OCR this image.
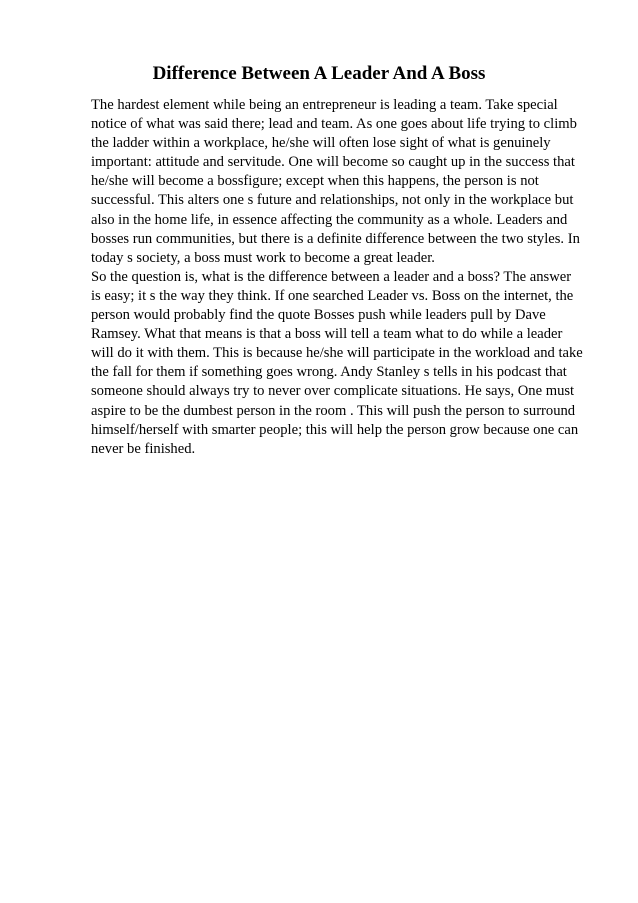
Difference Between A Leader And A Boss
The hardest element while being an entrepreneur is leading a team. Take special
notice of what was said there; lead and team. As one goes about life trying to climb
the ladder within a workplace, he/she will often lose sight of what is genuinely
important: attitude and servitude. One will become so caught up in the success that
he/she will become a bossfigure; except when this happens, the person is not
successful. This alters one s future and relationships, not only in the workplace but
also in the home life, in essence affecting the community as a whole. Leaders and
bosses run communities, but there is a definite difference between the two styles. In
today s society, a boss must work to become a great leader.
So the question is, what is the difference between a leader and a boss? The answer
is easy; it s the way they think. If one searched Leader vs. Boss on the internet, the
person would probably find the quote Bosses push while leaders pull by Dave
Ramsey. What that means is that a boss will tell a team what to do while a leader
will do it with them. This is because he/she will participate in the workload and take
the fall for them if something goes wrong. Andy Stanley s tells in his podcast that
someone should always try to never over complicate situations. He says, One must
aspire to be the dumbest person in the room . This will push the person to surround
himself/herself with smarter people; this will help the person grow because one can
never be finished.
